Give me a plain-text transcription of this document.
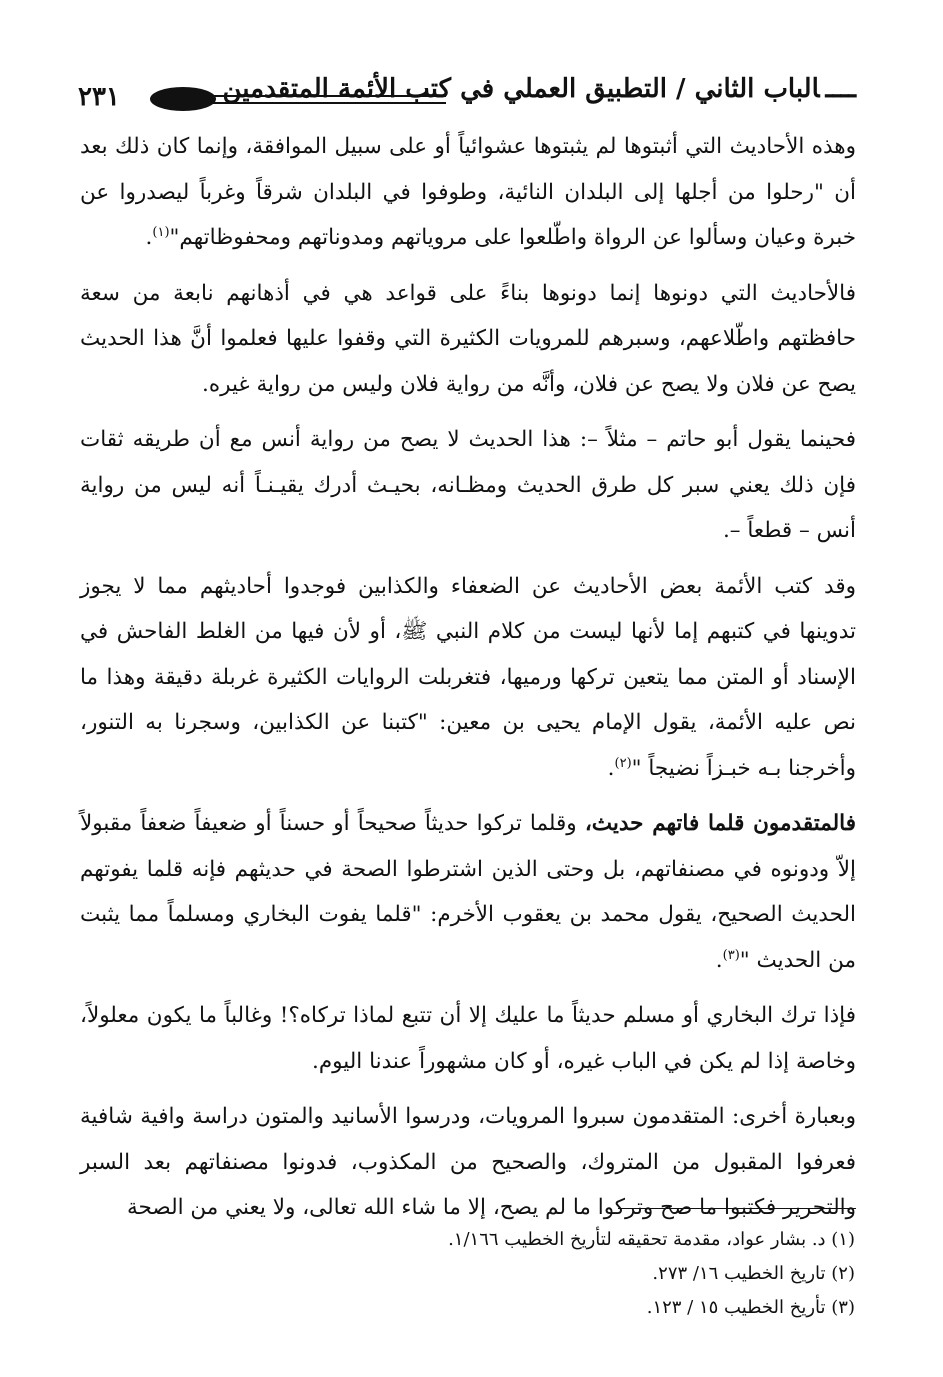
ــــالباب الثاني / التطبيق العملي في كتب الأئمة المتقدمين
٢٣١

وهذه الأحاديث التي أثبتوها لم يثبتوها عشوائياً أو على سبيل الموافقة، وإنما كان ذلك بعد أن "رحلوا من أجلها إلى البلدان النائية، وطوفوا في البلدان شرقاً وغرباً ليصدروا عن خبرة وعيان وسألوا عن الرواة واطّلعوا على مروياتهم ومدوناتهم ومحفوظاتهم"$^{(١)}$.

فالأحاديث التي دونوها إنما دونوها بناءً على قواعد هي في أذهانهم نابعة من سعة حافظتهم واطّلاعهم، وسبرهم للمرويات الكثيرة التي وقفوا عليها فعلموا أنَّ هذا الحديث يصح عن فلان ولا يصح عن فلان، وأنَّه من رواية فلان وليس من رواية غيره.

فحينما يقول أبو حاتم – مثلاً –: هذا الحديث لا يصح من رواية أنس مع أن طريقه ثقات فإن ذلك يعني سبر كل طرق الحديث ومظـانه، بحيـث أدرك يقيـنـاً أنه ليس من رواية أنس – قطعاً –.

وقد كتب الأئمة بعض الأحاديث عن الضعفاء والكذابين فوجدوا أحاديثهم مما لا يجوز تدوينها في كتبهم إما لأنها ليست من كلام النبي ﷺ، أو لأن فيها من الغلط الفاحش في الإسناد أو المتن مما يتعين تركها ورميها، فتغربلت الروايات الكثيرة غربلة دقيقة وهذا ما نص عليه الأئمة، يقول الإمام يحيى بن معين: "كتبنا عن الكذابين، وسجرنا به التنور، وأخرجنا بـه خبـزاً نضيجاً "$^{(٢)}$.

فالمتقدمون قلما فاتهم حديث، وقلما تركوا حديثاً صحيحاً أو حسناً أو ضعيفاً ضعفاً مقبولاً إلاّ ودونوه في مصنفاتهم، بل وحتى الذين اشترطوا الصحة في حديثهم فإنه قلما يفوتهم الحديث الصحيح، يقول محمد بن يعقوب الأخرم: "قلما يفوت البخاري ومسلماً مما يثبت من الحديث "$^{(٣)}$.

فإذا ترك البخاري أو مسلم حديثاً ما عليك إلا أن تتبع لماذا تركاه؟! وغالباً ما يكون معلولاً، وخاصة إذا لم يكن في الباب غيره، أو كان مشهوراً عندنا اليوم.

وبعبارة أخرى: المتقدمون سبروا المرويات، ودرسوا الأسانيد والمتون دراسة وافية شافية فعرفوا المقبول من المتروك، والصحيح من المكذوب، فدونوا مصنفاتهم بعد السبر والتحرير فكتبوا ما صح وتركوا ما لم يصح، إلا ما شاء الله تعالى، ولا يعني من الصحة

(١) د. بشار عواد، مقدمة تحقيقه لتأريخ الخطيب ١/١٦٦.

(٢) تاريخ الخطيب ١٦/ ٢٧٣.

(٣) تأريخ الخطيب ١٥ / ١٢٣.
